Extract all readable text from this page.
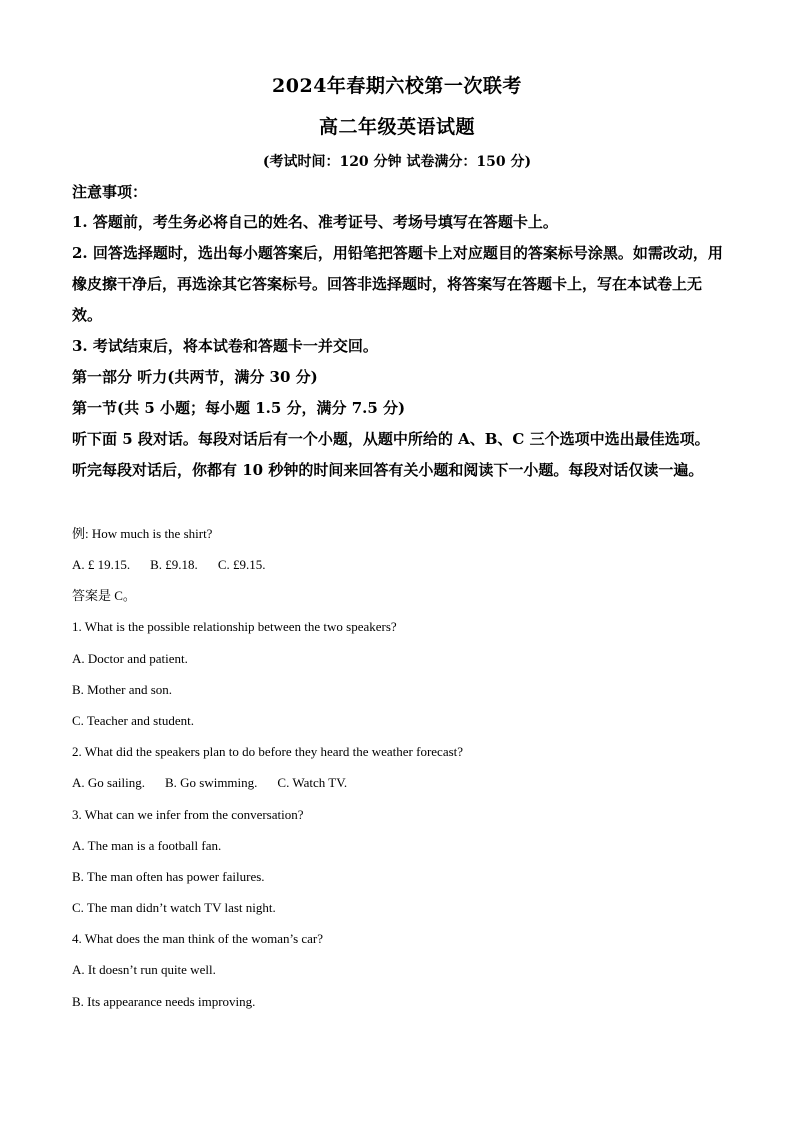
2024年春期六校第一次联考
高二年级英语试题
(考试时间：120 分钟 试卷满分：150 分)
注意事项：
1. 答题前，考生务必将自己的姓名、准考证号、考场号填写在答题卡上。
2. 回答选择题时，选出每小题答案后，用铅笔把答题卡上对应题目的答案标号涂黑。如需改动，用橡皮擦干净后，再选涂其它答案标号。回答非选择题时，将答案写在答题卡上，写在本试卷上无效。
3. 考试结束后，将本试卷和答题卡一并交回。
第一部分 听力(共两节，满分 30 分)
第一节(共 5 小题；每小题 1.5 分，满分 7.5 分)
听下面 5 段对话。每段对话后有一个小题，从题中所给的 A、B、C 三个选项中选出最佳选项。听完每段对话后，你都有 10 秒钟的时间来回答有关小题和阅读下一小题。每段对话仅读一遍。
例: How much is the shirt?
A. £ 19.15. B. £9.18. C. £9.15.
答案是 C。
1. What is the possible relationship between the two speakers?
A. Doctor and patient.
B. Mother and son.
C. Teacher and student.
2. What did the speakers plan to do before they heard the weather forecast?
A. Go sailing. B. Go swimming. C. Watch TV.
3. What can we infer from the conversation?
A. The man is a football fan.
B. The man often has power failures.
C. The man didn’t watch TV last night.
4. What does the man think of the woman’s car?
A. It doesn’t run quite well.
B. Its appearance needs improving.
